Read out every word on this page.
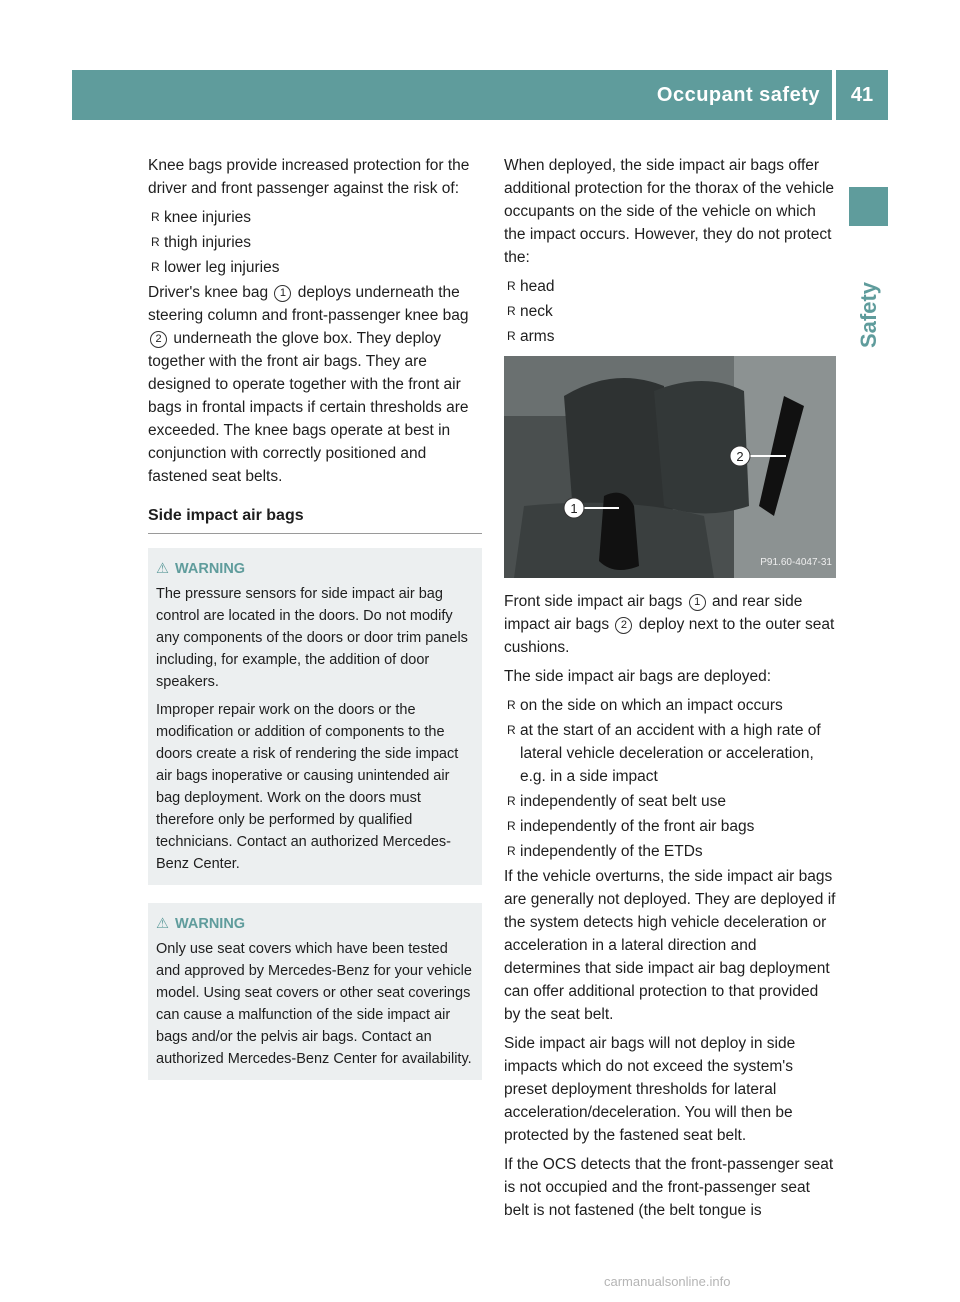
Occupant safety	41
Safety

Knee bags provide increased protection for the driver and front passenger against the risk of:

R knee injuries
R thigh injuries
R lower leg injuries

Driver's knee bag 1 deploys underneath the steering column and front-passenger knee bag 2 underneath the glove box. They deploy together with the front air bags. They are designed to operate together with the front air bags in frontal impacts if certain thresholds are exceeded. The knee bags operate at best in conjunction with correctly positioned and fastened seat belts.

Side impact air bags
⚠ WARNING

The pressure sensors for side impact air bag control are located in the doors. Do not modify any components of the doors or door trim panels including, for example, the addition of door speakers.

Improper repair work on the doors or the modification or addition of components to the doors create a risk of rendering the side impact air bags inoperative or causing unintended air bag deployment. Work on the doors must therefore only be performed by qualified technicians. Contact an authorized Mercedes-Benz Center.

⚠ WARNING

Only use seat covers which have been tested and approved by Mercedes-Benz for your vehicle model. Using seat covers or other seat coverings can cause a malfunction of the side impact air bags and/or the pelvis air bags. Contact an authorized Mercedes-Benz Center for availability.

When deployed, the side impact air bags offer additional protection for the thorax of the vehicle occupants on the side of the vehicle on which the impact occurs. However, they do not protect the:

R head
R neck
R arms
1
2
P91.60-4047-31

Front side impact air bags 1 and rear side impact air bags 2 deploy next to the outer seat cushions.

The side impact air bags are deployed:

R on the side on which an impact occurs
R at the start of an accident with a high rate of lateral vehicle deceleration or acceleration, e.g. in a side impact
R independently of seat belt use
R independently of the front air bags
R independently of the ETDs

If the vehicle overturns, the side impact air bags are generally not deployed. They are deployed if the system detects high vehicle deceleration or acceleration in a lateral direction and determines that side impact air bag deployment can offer additional protection to that provided by the seat belt.

Side impact air bags will not deploy in side impacts which do not exceed the system's preset deployment thresholds for lateral acceleration/deceleration. You will then be protected by the fastened seat belt.

If the OCS detects that the front-passenger seat is not occupied and the front-passenger seat belt is not fastened (the belt tongue is

carmanualsonline.info
